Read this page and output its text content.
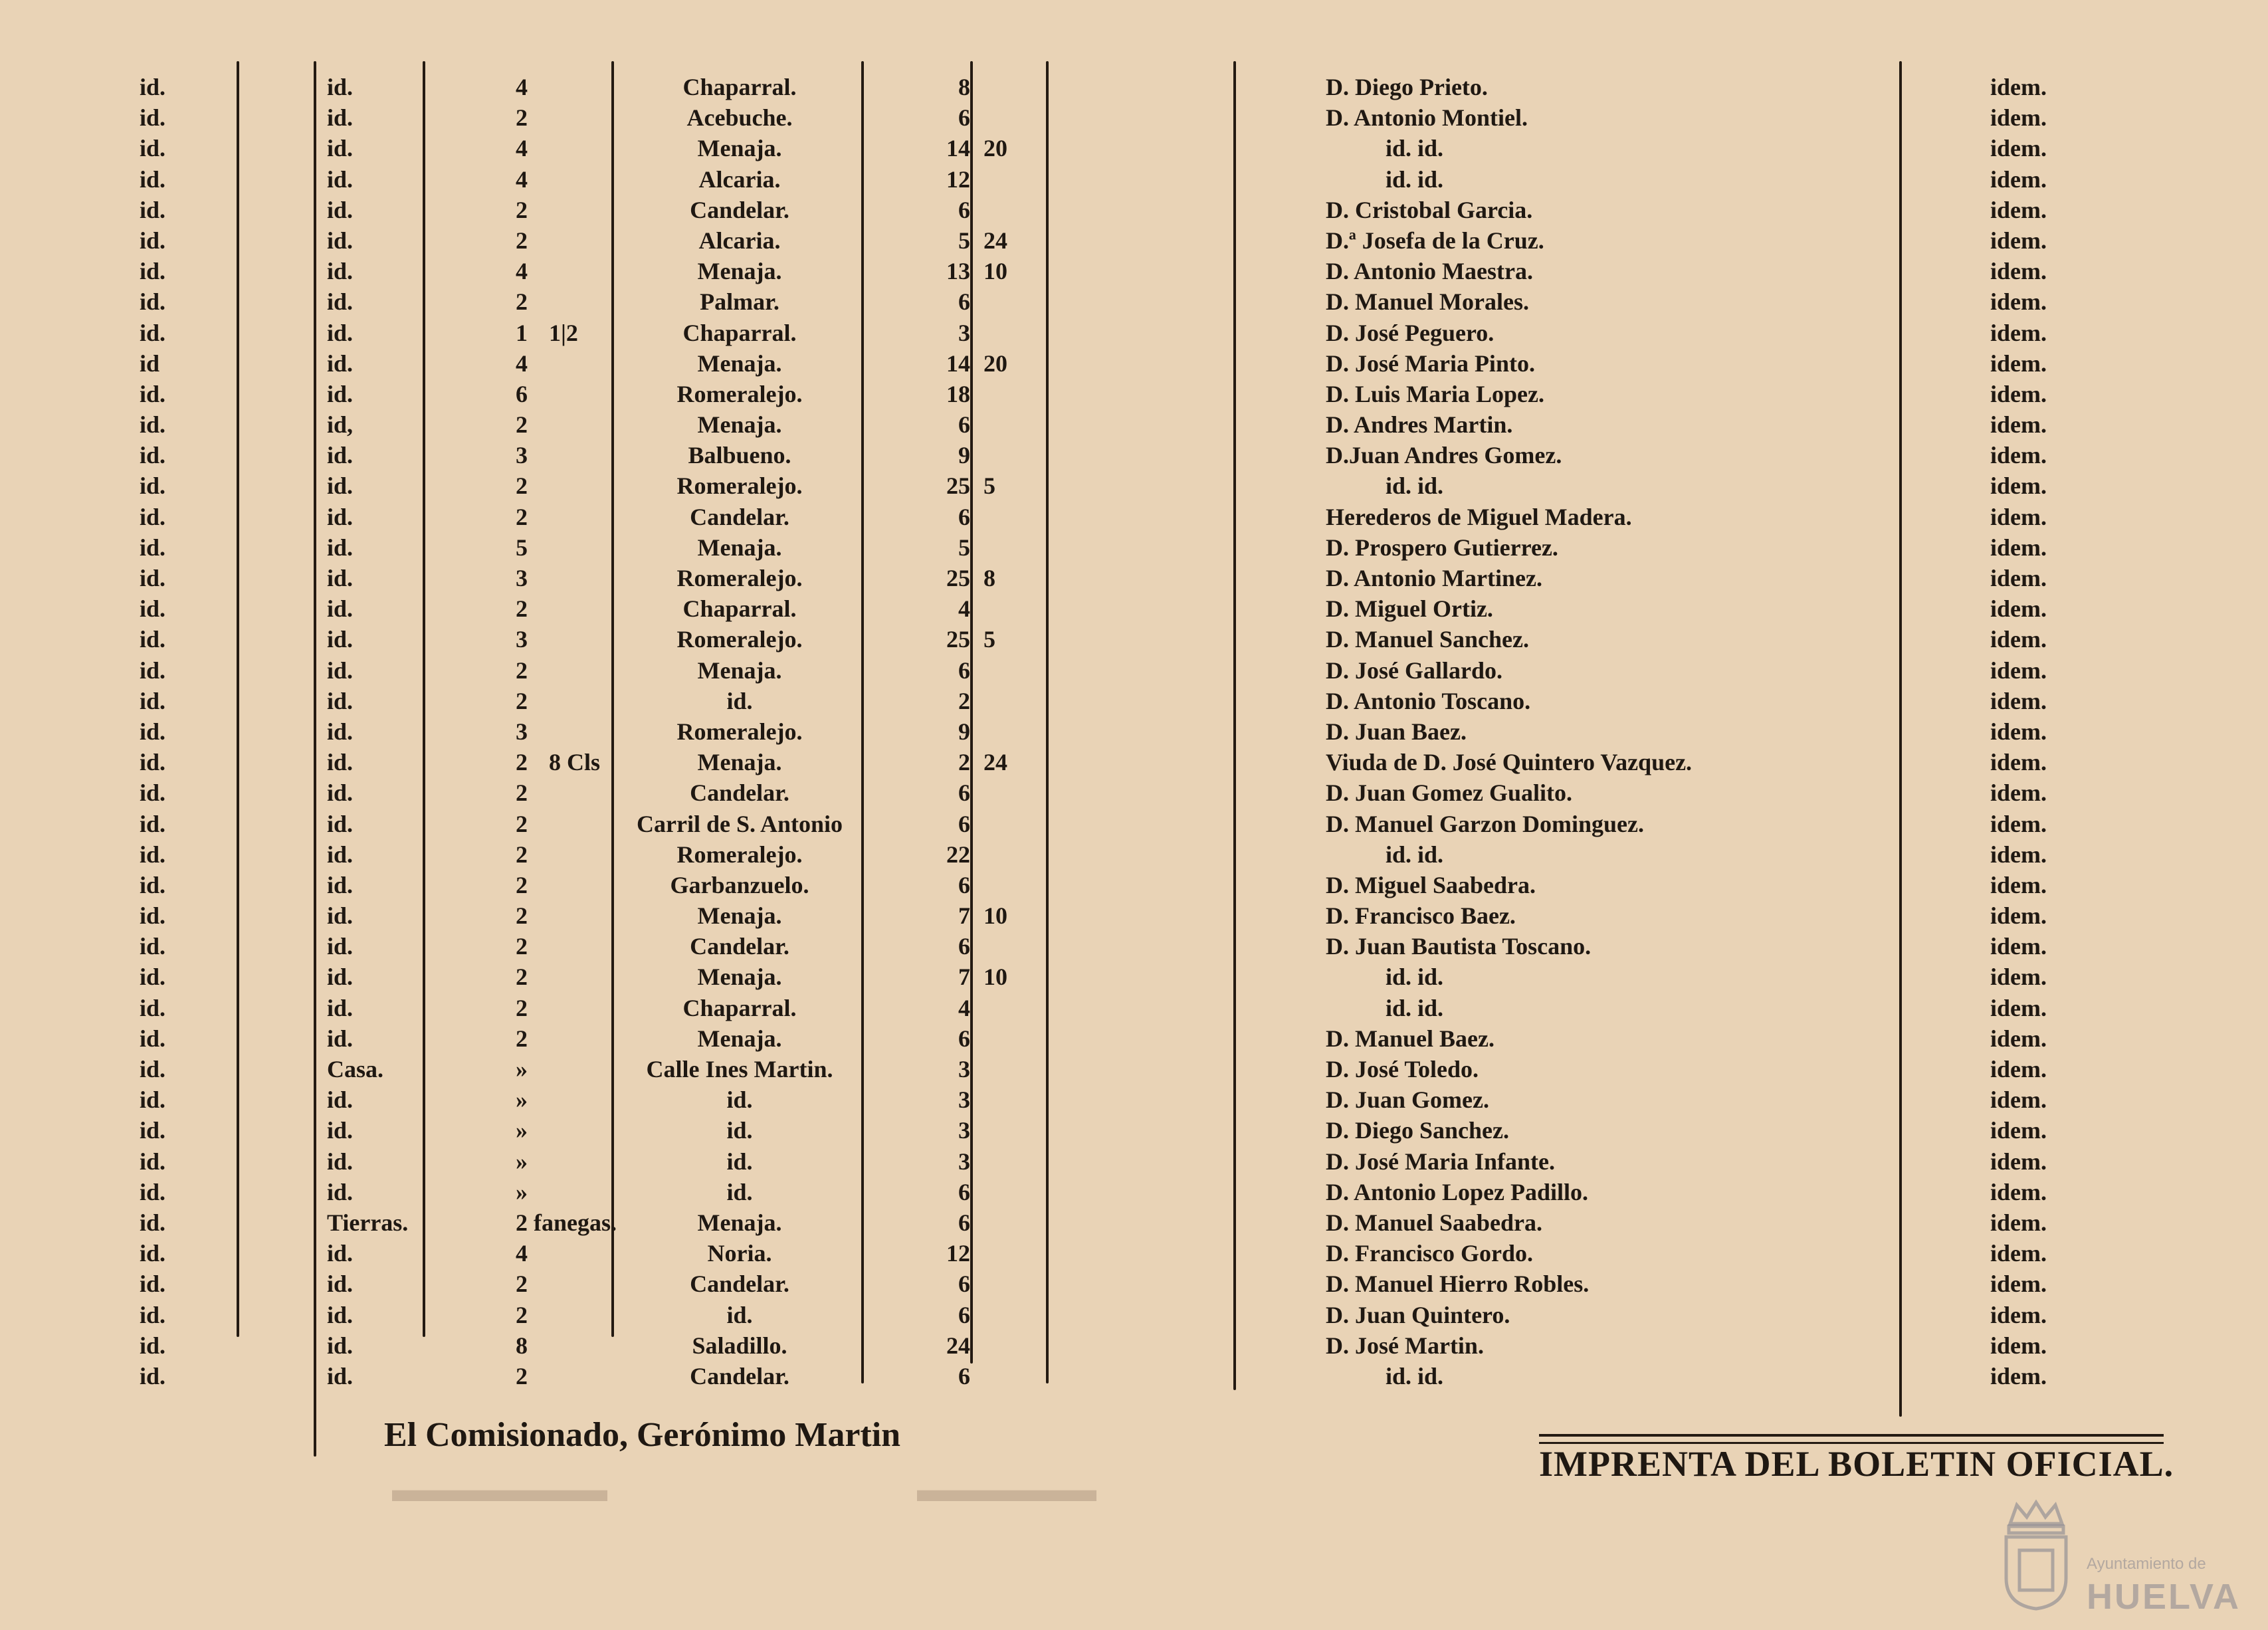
▬▬▬▬▬
▬▬▬▬▬▬
id.	id.	4	Chaparral.	8	D. Diego Prieto.	idem.
id.	id.	2	Acebuche.	6	D. Antonio Montiel.	idem.
id.	id.	4	Menaja.	14 20	id. id.	idem.
id.	id.	4	Alcaria.	12	id. id.	idem.
id.	id.	2	Candelar.	6	D. Cristobal Garcia.	idem.
id.	id.	2	Alcaria.	5 24	D.ª Josefa de la Cruz.	idem.
id.	id.	4	Menaja.	13 10	D. Antonio Maestra.	idem.
id.	id.	2	Palmar.	6	D. Manuel Morales.	idem.
id.	id.	1 1|2	Chaparral.	3	D. José Peguero.	idem.
id	id.	4	Menaja.	14 20	D. José Maria Pinto.	idem.
id.	id.	6	Romeralejo.	18	D. Luis Maria Lopez.	idem.
id.	id,	2	Menaja.	6	D. Andres Martin.	idem.
id.	id.	3	Balbueno.	9	D.Juan Andres Gomez.	idem.
id.	id.	2	Romeralejo.	25 5	id. id.	idem.
id.	id.	2	Candelar.	6	Herederos de Miguel Madera.	idem.
id.	id.	5	Menaja.	5	D. Prospero Gutierrez.	idem.
id.	id.	3	Romeralejo.	25 8	D. Antonio Martinez.	idem.
id.	id.	2	Chaparral.	4	D. Miguel Ortiz.	idem.
id.	id.	3	Romeralejo.	25 5	D. Manuel Sanchez.	idem.
id.	id.	2	Menaja.	6	D. José Gallardo.	idem.
id.	id.	2	id.	2	D. Antonio Toscano.	idem.
id.	id.	3	Romeralejo.	9	D. Juan Baez.	idem.
id.	id.	2 8 Cls	Menaja.	2 24	Viuda de D. José Quintero Vazquez.	idem.
id.	id.	2	Candelar.	6	D. Juan Gomez Gualito.	idem.
id.	id.	2	Carril de S. Antonio	6	D. Manuel Garzon Dominguez.	idem.
id.	id.	2	Romeralejo.	22	id. id.	idem.
id.	id.	2	Garbanzuelo.	6	D. Miguel Saabedra.	idem.
id.	id.	2	Menaja.	7 10	D. Francisco Baez.	idem.
id.	id.	2	Candelar.	6	D. Juan Bautista Toscano.	idem.
id.	id.	2	Menaja.	7 10	id. id.	idem.
id.	id.	2	Chaparral.	4	id. id.	idem.
id.	id.	2	Menaja.	6	D. Manuel Baez.	idem.
id.	Casa.	»	Calle Ines Martin.	3	D. José Toledo.	idem.
id.	id.	»	id.	3	D. Juan Gomez.	idem.
id.	id.	»	id.	3	D. Diego Sanchez.	idem.
id.	id.	»	id.	3	D. José Maria Infante.	idem.
id.	id.	»	id.	6	D. Antonio Lopez Padillo.	idem.
id.	Tierras.	2 fanegas.	Menaja.	6	D. Manuel Saabedra.	idem.
id.	id.	4	Noria.	12	D. Francisco Gordo.	idem.
id.	id.	2	Candelar.	6	D. Manuel Hierro Robles.	idem.
id.	id.	2	id.	6	D. Juan Quintero.	idem.
id.	id.	8	Saladillo.	24	D. José Martin.	idem.
id.	id.	2	Candelar.	6	id. id.	idem.
El Comisionado, Gerónimo Martin
IMPRENTA DEL BOLETIN OFICIAL.
Ayuntamiento de
HUELVA
